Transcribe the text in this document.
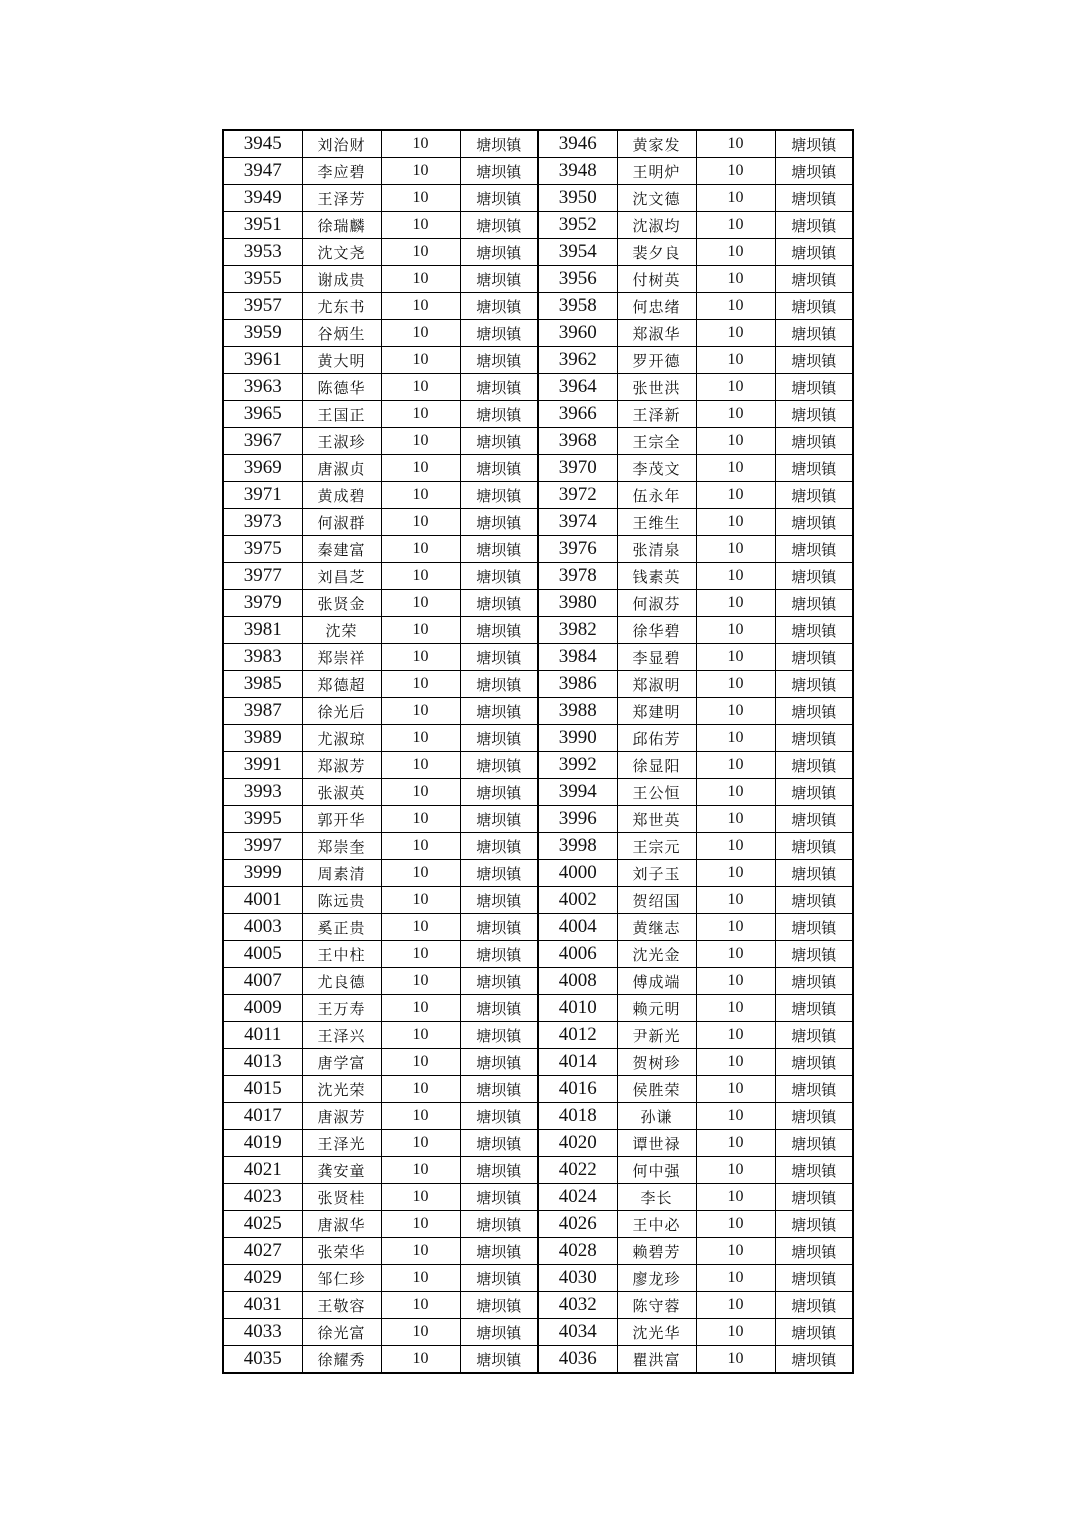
3945	刘治财	10	塘坝镇	3946	黄家发	10	塘坝镇
3947	李应碧	10	塘坝镇	3948	王明炉	10	塘坝镇
3949	王泽芳	10	塘坝镇	3950	沈文德	10	塘坝镇
3951	徐瑞麟	10	塘坝镇	3952	沈淑均	10	塘坝镇
3953	沈文尧	10	塘坝镇	3954	裴夕良	10	塘坝镇
3955	谢成贵	10	塘坝镇	3956	付树英	10	塘坝镇
3957	尤东书	10	塘坝镇	3958	何忠绪	10	塘坝镇
3959	谷炳生	10	塘坝镇	3960	郑淑华	10	塘坝镇
3961	黄大明	10	塘坝镇	3962	罗开德	10	塘坝镇
3963	陈德华	10	塘坝镇	3964	张世洪	10	塘坝镇
3965	王国正	10	塘坝镇	3966	王泽新	10	塘坝镇
3967	王淑珍	10	塘坝镇	3968	王宗全	10	塘坝镇
3969	唐淑贞	10	塘坝镇	3970	李茂文	10	塘坝镇
3971	黄成碧	10	塘坝镇	3972	伍永年	10	塘坝镇
3973	何淑群	10	塘坝镇	3974	王维生	10	塘坝镇
3975	秦建富	10	塘坝镇	3976	张清泉	10	塘坝镇
3977	刘昌芝	10	塘坝镇	3978	钱素英	10	塘坝镇
3979	张贤金	10	塘坝镇	3980	何淑芬	10	塘坝镇
3981	沈荣	10	塘坝镇	3982	徐华碧	10	塘坝镇
3983	郑崇祥	10	塘坝镇	3984	李显碧	10	塘坝镇
3985	郑德超	10	塘坝镇	3986	郑淑明	10	塘坝镇
3987	徐光后	10	塘坝镇	3988	郑建明	10	塘坝镇
3989	尤淑琼	10	塘坝镇	3990	邱佑芳	10	塘坝镇
3991	郑淑芳	10	塘坝镇	3992	徐显阳	10	塘坝镇
3993	张淑英	10	塘坝镇	3994	王公恒	10	塘坝镇
3995	郭开华	10	塘坝镇	3996	郑世英	10	塘坝镇
3997	郑崇奎	10	塘坝镇	3998	王宗元	10	塘坝镇
3999	周素清	10	塘坝镇	4000	刘子玉	10	塘坝镇
4001	陈远贵	10	塘坝镇	4002	贺绍国	10	塘坝镇
4003	奚正贵	10	塘坝镇	4004	黄继志	10	塘坝镇
4005	王中柱	10	塘坝镇	4006	沈光金	10	塘坝镇
4007	尤良德	10	塘坝镇	4008	傅成端	10	塘坝镇
4009	王万寿	10	塘坝镇	4010	赖元明	10	塘坝镇
4011	王泽兴	10	塘坝镇	4012	尹新光	10	塘坝镇
4013	唐学富	10	塘坝镇	4014	贺树珍	10	塘坝镇
4015	沈光荣	10	塘坝镇	4016	侯胜荣	10	塘坝镇
4017	唐淑芳	10	塘坝镇	4018	孙谦	10	塘坝镇
4019	王泽光	10	塘坝镇	4020	谭世禄	10	塘坝镇
4021	龚安童	10	塘坝镇	4022	何中强	10	塘坝镇
4023	张贤桂	10	塘坝镇	4024	李长	10	塘坝镇
4025	唐淑华	10	塘坝镇	4026	王中必	10	塘坝镇
4027	张荣华	10	塘坝镇	4028	赖碧芳	10	塘坝镇
4029	邹仁珍	10	塘坝镇	4030	廖龙珍	10	塘坝镇
4031	王敬容	10	塘坝镇	4032	陈守蓉	10	塘坝镇
4033	徐光富	10	塘坝镇	4034	沈光华	10	塘坝镇
4035	徐耀秀	10	塘坝镇	4036	瞿洪富	10	塘坝镇
